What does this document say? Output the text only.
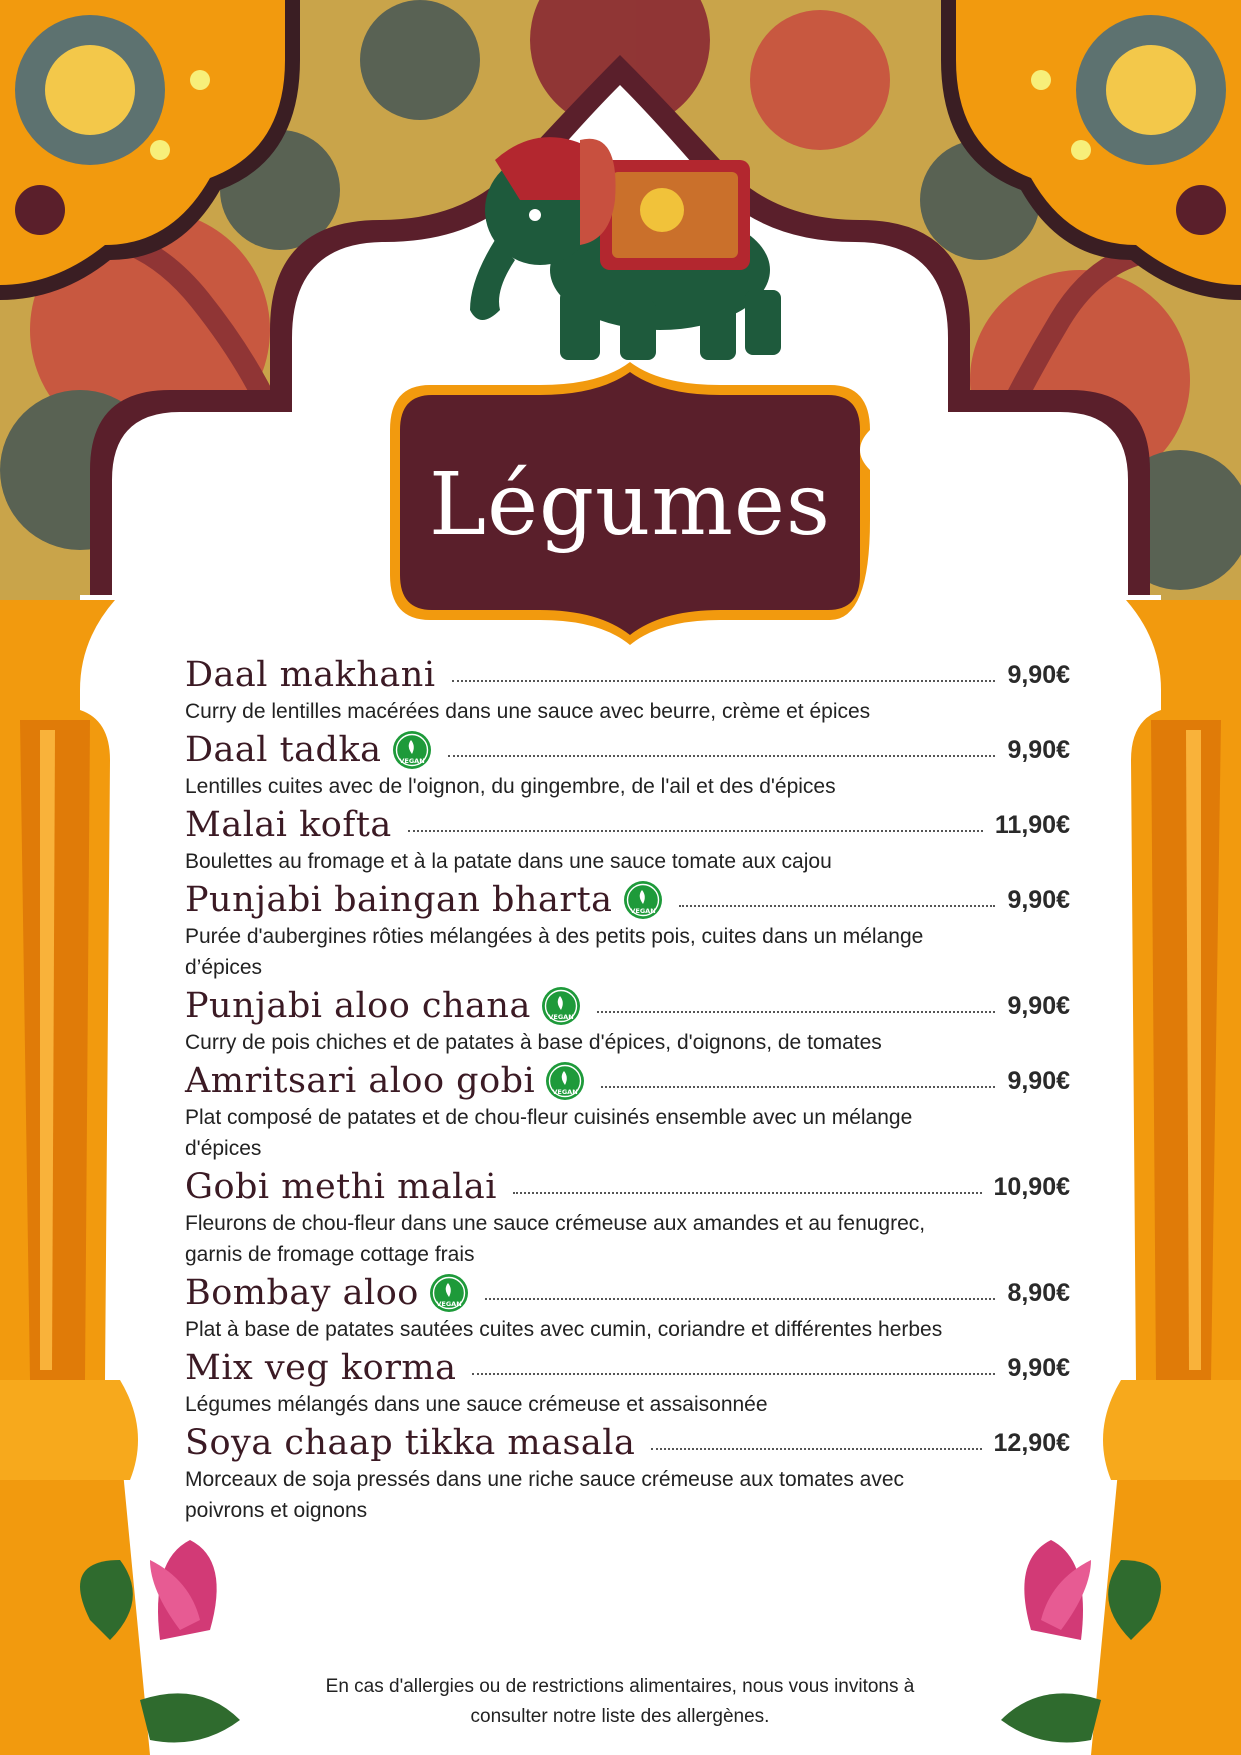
Légumes
Daal makhani	9,90€
Curry de lentilles macérées dans une sauce avec beurre, crème et épices
Daal tadka	VEGAN	9,90€
Lentilles cuites avec de l'oignon, du gingembre, de l'ail et des d'épices
Malai kofta	11,90€
Boulettes au fromage et à la patate dans une sauce tomate aux cajou
Punjabi baingan bharta	VEGAN	9,90€
Purée d'aubergines rôties mélangées à des petits pois, cuites dans un mélange d’épices
Punjabi aloo chana	VEGAN	9,90€
Curry de pois chiches et de patates à base d'épices, d'oignons, de tomates
Amritsari aloo gobi	VEGAN	9,90€
Plat composé de patates et de chou-fleur cuisinés ensemble avec un mélange d'épices
Gobi methi malai	10,90€
Fleurons de chou-fleur dans une sauce crémeuse aux amandes et au fenugrec, garnis de fromage cottage frais
Bombay aloo	VEGAN	8,90€
Plat à base de patates sautées cuites avec cumin, coriandre et différentes herbes
Mix veg korma	9,90€
Légumes mélangés dans une sauce crémeuse et assaisonnée
Soya chaap tikka masala	12,90€
Morceaux de soja pressés dans une riche sauce crémeuse aux tomates avec poivrons et oignons
En cas d'allergies ou de restrictions alimentaires, nous vous invitons à consulter notre liste des allergènes.
